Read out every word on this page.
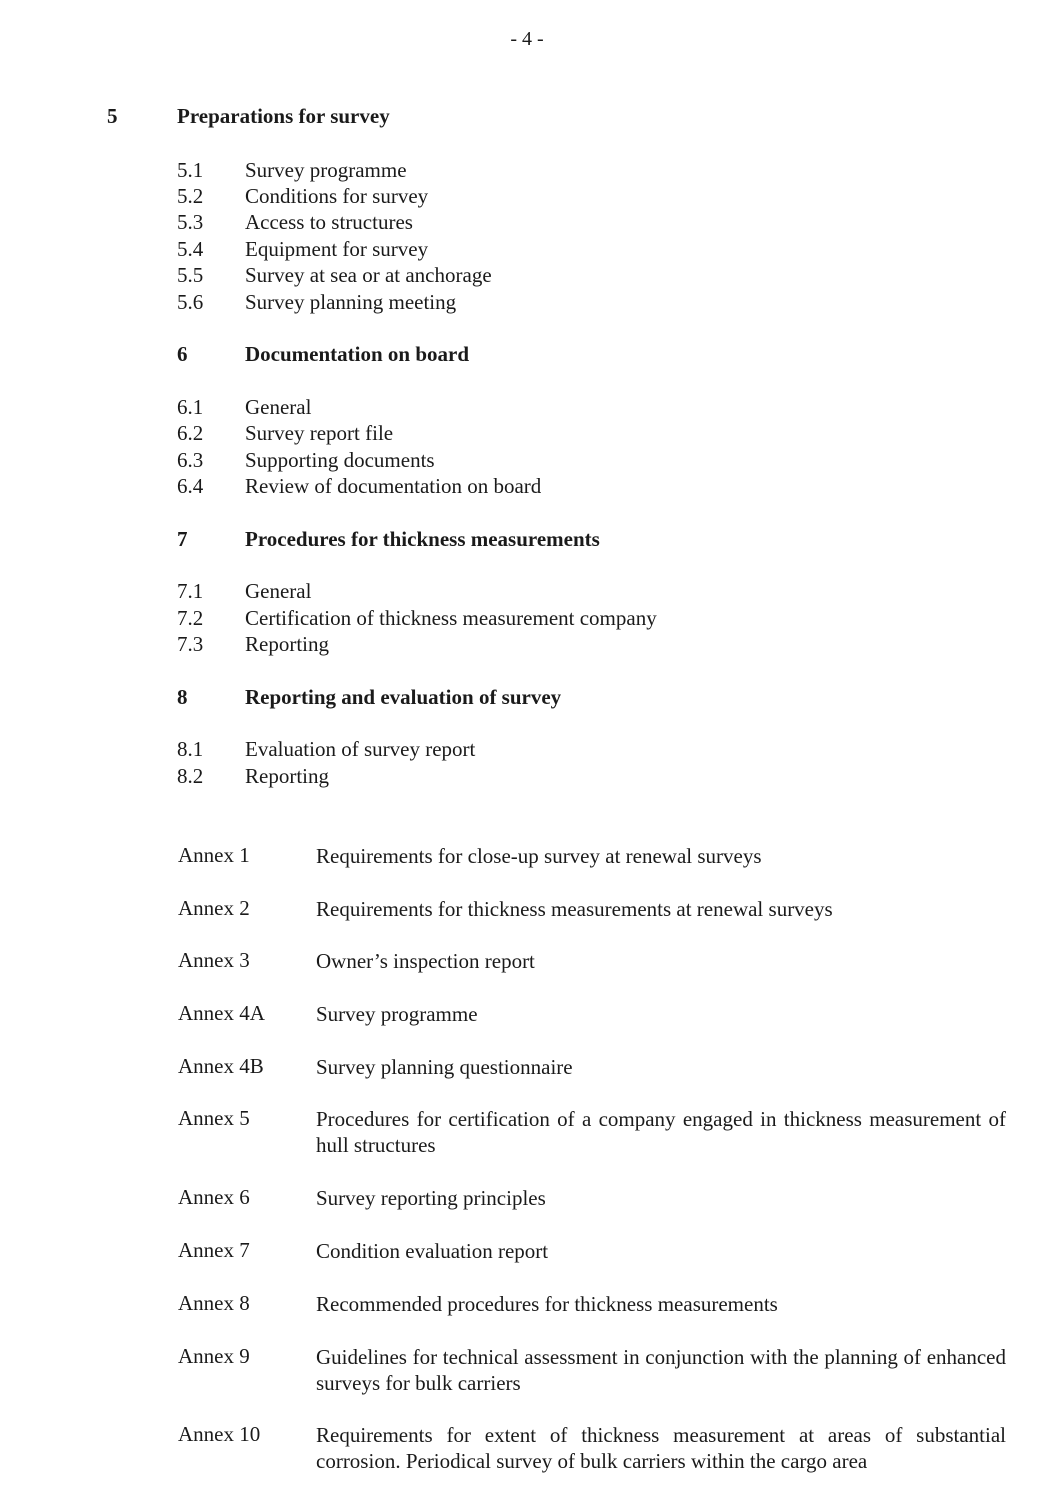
- 4 -
5	Preparations for survey
5.1 Survey programme
5.2 Conditions for survey
5.3 Access to structures
5.4 Equipment for survey
5.5 Survey at sea or at anchorage
5.6 Survey planning meeting
6	Documentation on board
6.1 General
6.2 Survey report file
6.3 Supporting documents
6.4 Review of documentation on board
7	Procedures for thickness measurements
7.1 General
7.2 Certification of thickness measurement company
7.3 Reporting
8	Reporting and evaluation of survey
8.1 Evaluation of survey report
8.2 Reporting
Annex 1	Requirements for close-up survey at renewal surveys
Annex 2	Requirements for thickness measurements at renewal surveys
Annex 3	Owner’s inspection report
Annex 4A Survey programme
Annex 4B Survey planning questionnaire
Annex 5	Procedures for certification of a company engaged in thickness measurement of hull structures
Annex 6	Survey reporting principles
Annex 7	Condition evaluation report
Annex 8	Recommended procedures for thickness measurements
Annex 9	Guidelines for technical assessment in conjunction with the planning of enhanced surveys for bulk carriers
Annex 10	Requirements for extent of thickness measurement at areas of substantial corrosion. Periodical survey of bulk carriers within the cargo area
